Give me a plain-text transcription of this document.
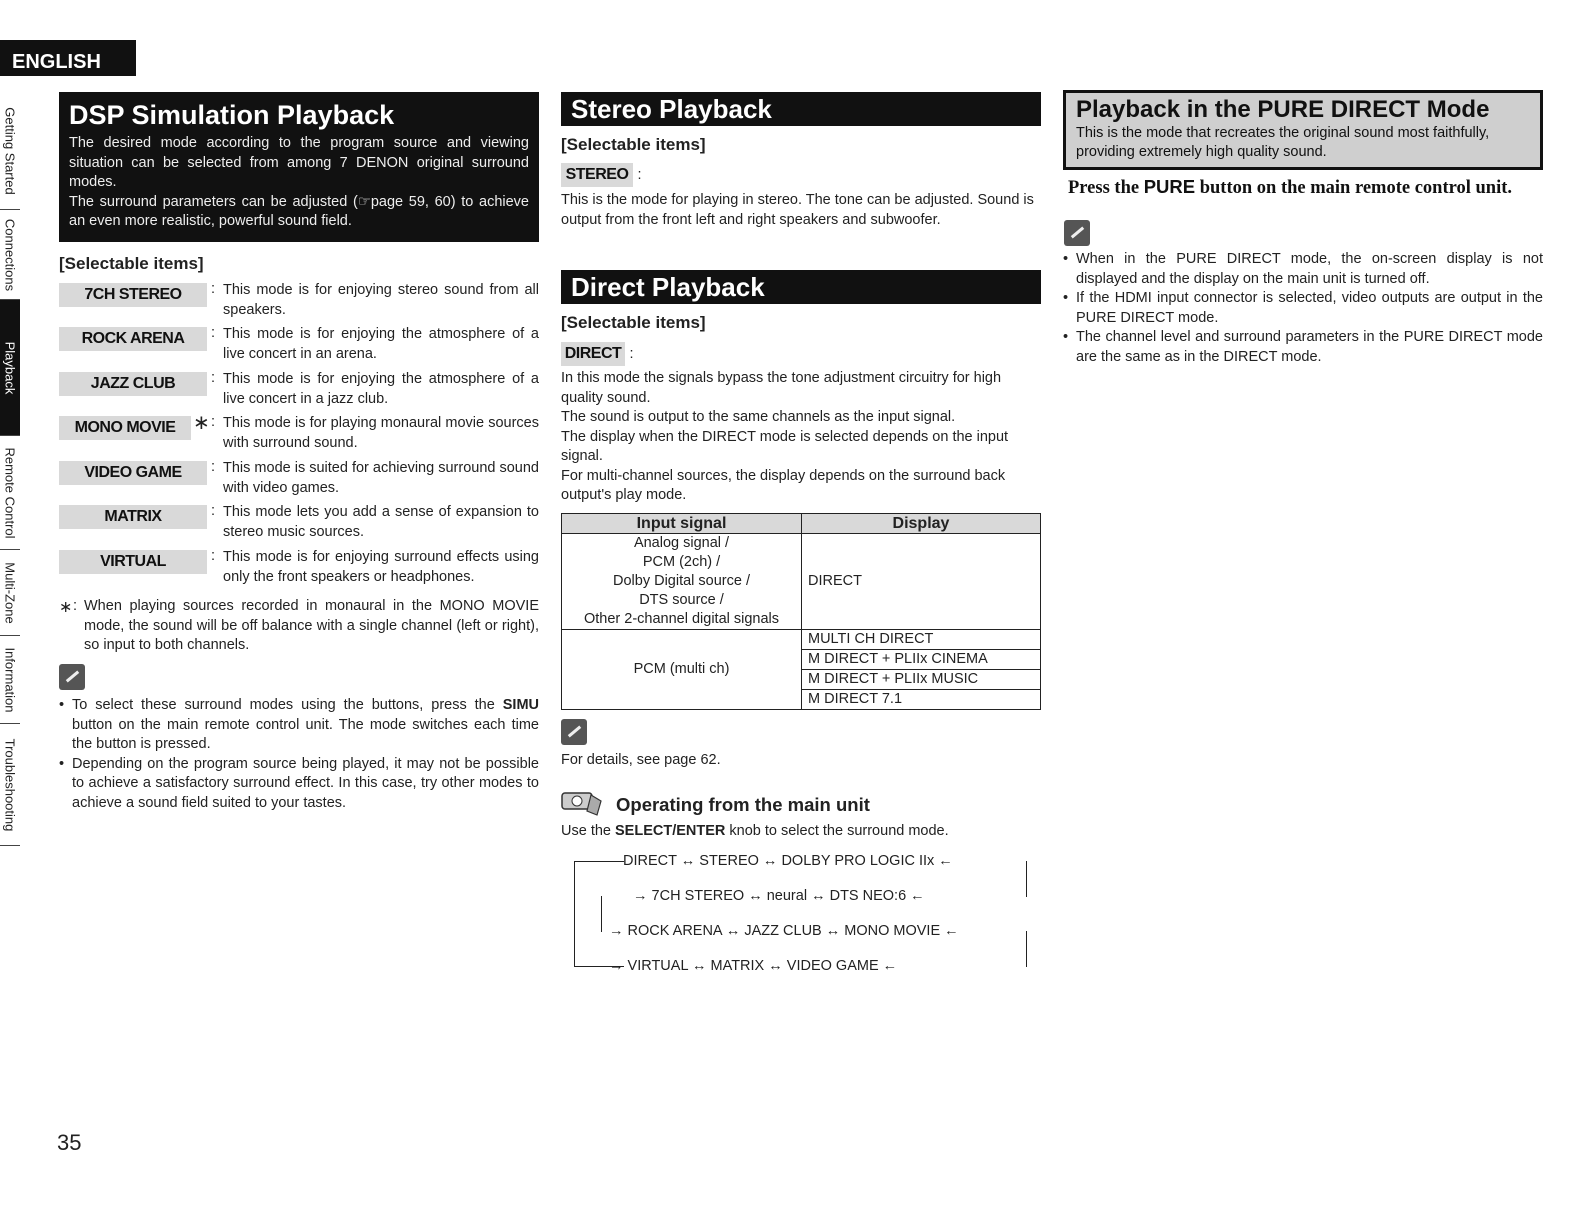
ENGLISH
Getting Started
Connections
Playback
Remote Control
Multi-Zone
Information
Troubleshooting
DSP Simulation Playback

The desired mode according to the program source and viewing situation can be selected from among 7 DENON original surround modes.

The surround parameters can be adjusted (☞page 59, 60) to achieve an even more realistic, powerful sound field.

[Selectable items]
7CH STEREO	: This mode is for enjoying stereo sound from all speakers.
ROCK ARENA	: This mode is for enjoying the atmosphere of a live concert in an arena.
JAZZ CLUB	: This mode is for enjoying the atmosphere of a live concert in a jazz club.
MONO MOVIE ∗ : This mode is for playing monaural movie sources with surround sound.
VIDEO GAME	: This mode is suited for achieving surround sound with video games.
MATRIX	: This mode lets you add a sense of expansion to stereo music sources.
VIRTUAL	: This mode is for enjoying surround effects using only the front speakers or headphones.
∗ : When playing sources recorded in monaural in the MONO MOVIE mode, the sound will be off balance with a single channel (left or right), so input to both channels.
• To select these surround modes using the buttons, press the SIMU button on the main remote control unit. The mode switches each time the button is pressed.
• Depending on the program source being played, it may not be possible to achieve a satisfactory surround effect. In this case, try other modes to achieve a sound field suited to your tastes.
Stereo Playback
[Selectable items]
STEREO :
This is the mode for playing in stereo. The tone can be adjusted. Sound is output from the front left and right speakers and subwoofer.
Direct Playback
[Selectable items]
DIRECT :
In this mode the signals bypass the tone adjustment circuitry for high quality sound.
The sound is output to the same channels as the input signal.
The display when the DIRECT mode is selected depends on the input signal.
For multi-channel sources, the display depends on the surround back output's play mode.
Input signal	Display

Analog signal /
PCM (2ch) /
Dolby Digital source /
DTS source /
Other 2-channel digital signals	DIRECT
PCM (multi ch)	MULTI CH DIRECT
	M DIRECT + PLIIx CINEMA
	M DIRECT + PLIIx MUSIC
	M DIRECT 7.1
For details, see page 62.
Operating from the main unit
Use the SELECT/ENTER knob to select the surround mode.
DIRECT ↔ STEREO ↔ DOLBY PRO LOGIC IIx ←
→ 7CH STEREO ↔ neural ↔ DTS NEO:6 ←
→ ROCK ARENA ↔ JAZZ CLUB ↔ MONO MOVIE ←
→ VIRTUAL ↔ MATRIX ↔ VIDEO GAME ←
Playback in the PURE DIRECT Mode
This is the mode that recreates the original sound most faithfully, providing extremely high quality sound.
Press the PURE button on the main remote control unit.
• When in the PURE DIRECT mode, the on-screen display is not displayed and the display on the main unit is turned off.
• If the HDMI input connector is selected, video outputs are output in the PURE DIRECT mode.
• The channel level and surround parameters in the PURE DIRECT mode are the same as in the DIRECT mode.
35
